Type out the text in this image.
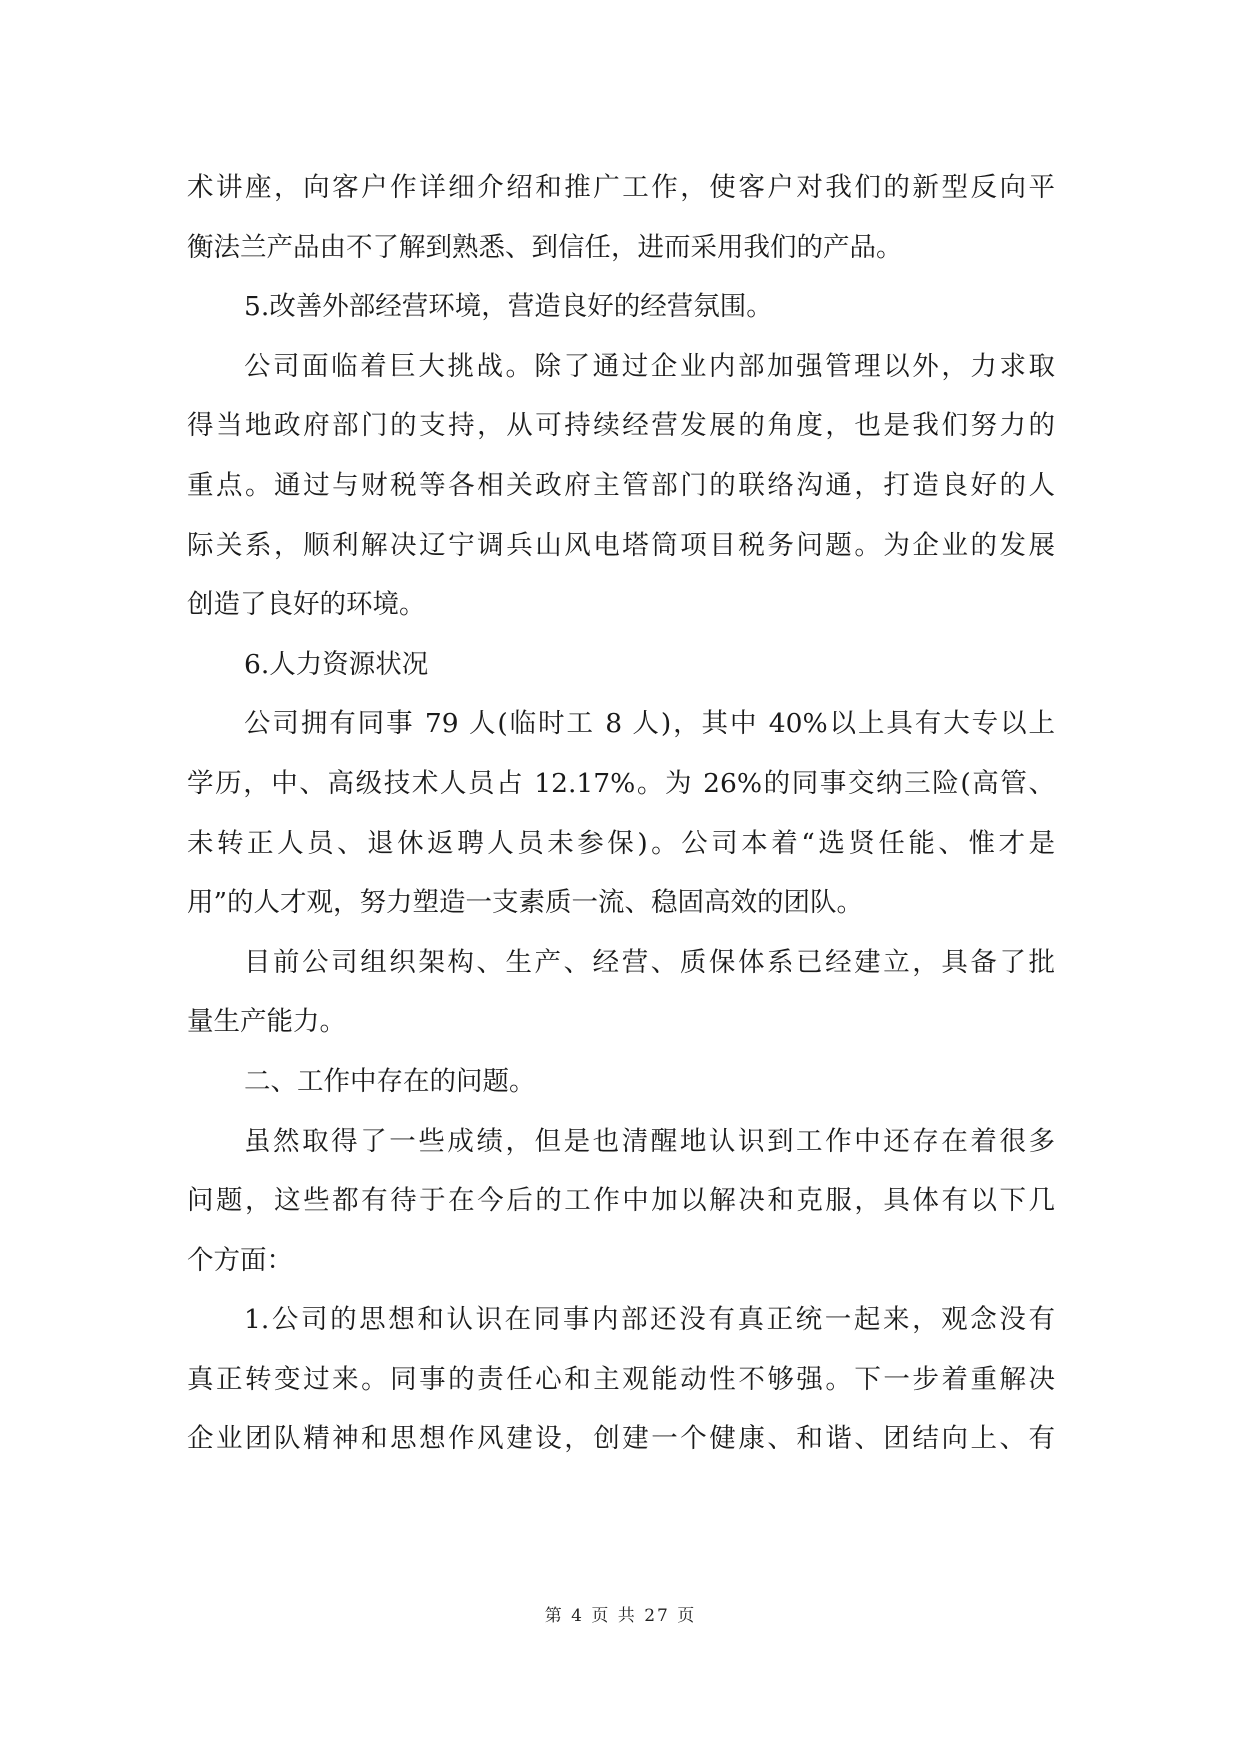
术讲座，向客户作详细介绍和推广工作，使客户对我们的新型反向平
衡法兰产品由不了解到熟悉、到信任，进而采用我们的产品。
5.改善外部经营环境，营造良好的经营氛围。
公司面临着巨大挑战。除了通过企业内部加强管理以外，力求取
得当地政府部门的支持，从可持续经营发展的角度，也是我们努力的
重点。通过与财税等各相关政府主管部门的联络沟通，打造良好的人
际关系，顺利解决辽宁调兵山风电塔筒项目税务问题。为企业的发展
创造了良好的环境。
6.人力资源状况
公司拥有同事 79 人(临时工 8 人)，其中 40%以上具有大专以上
学历，中、高级技术人员占 12.17%。为 26%的同事交纳三险(高管、
未转正人员、退休返聘人员未参保)。公司本着“选贤任能、惟才是
用”的人才观，努力塑造一支素质一流、稳固高效的团队。
目前公司组织架构、生产、经营、质保体系已经建立，具备了批
量生产能力。
二、工作中存在的问题。
虽然取得了一些成绩，但是也清醒地认识到工作中还存在着很多
问题，这些都有待于在今后的工作中加以解决和克服，具体有以下几
个方面：
1.公司的思想和认识在同事内部还没有真正统一起来，观念没有
真正转变过来。同事的责任心和主观能动性不够强。下一步着重解决
企业团队精神和思想作风建设，创建一个健康、和谐、团结向上、有
第 4 页 共 27 页
